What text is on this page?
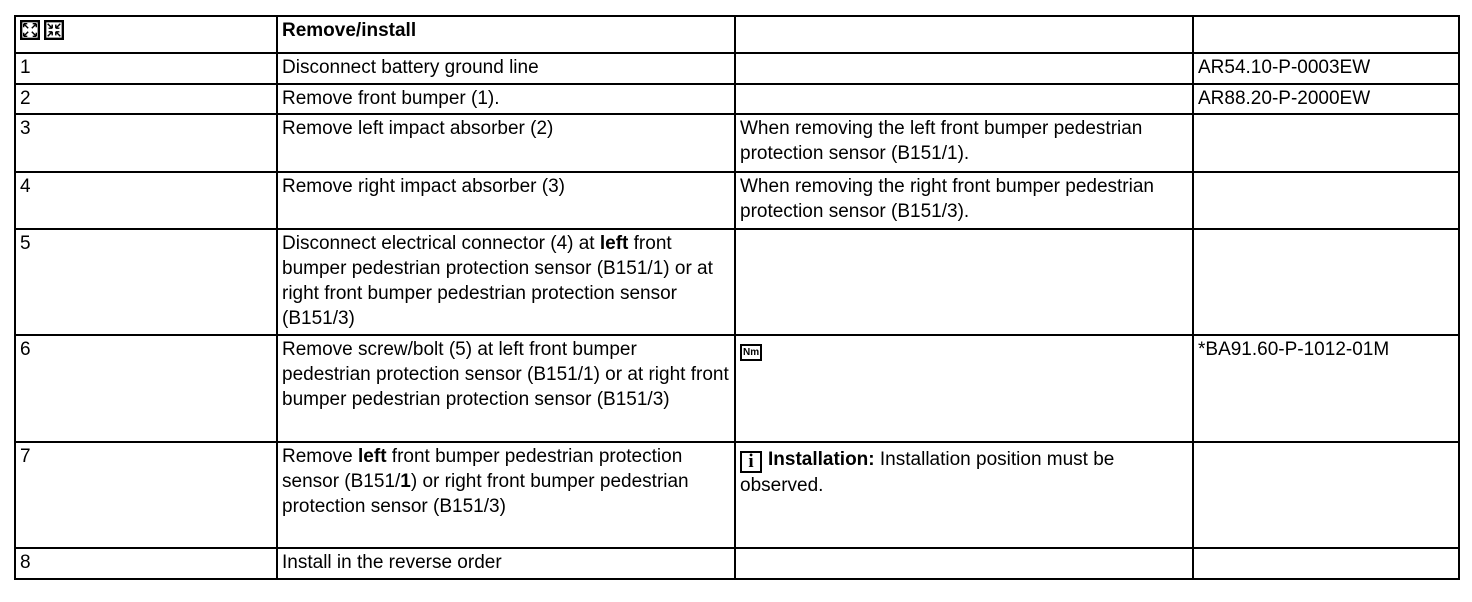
	Remove/install		
1	Disconnect battery ground line		AR54.10-P-0003EW
2	Remove front bumper (1).		AR88.20-P-2000EW
3	Remove left impact absorber (2)	When removing the left front bumper pedestrian protection sensor (B151/1).	
4	Remove right impact absorber (3)	When removing the right front bumper pedestrian protection sensor (B151/3).	
5	Disconnect electrical connector (4) at left front bumper pedestrian protection sensor (B151/1) or at right front bumper pedestrian protection sensor (B151/3)		
6	Remove screw/bolt (5) at left front bumper pedestrian protection sensor (B151/1) or at right front bumper pedestrian protection sensor (B151/3)	Nm	*BA91.60-P-1012-01M
7	Remove left front bumper pedestrian protection sensor (B151/1) or right front bumper pedestrian protection sensor (B151/3)	i Installation: Installation position must be observed.	
8	Install in the reverse order		
